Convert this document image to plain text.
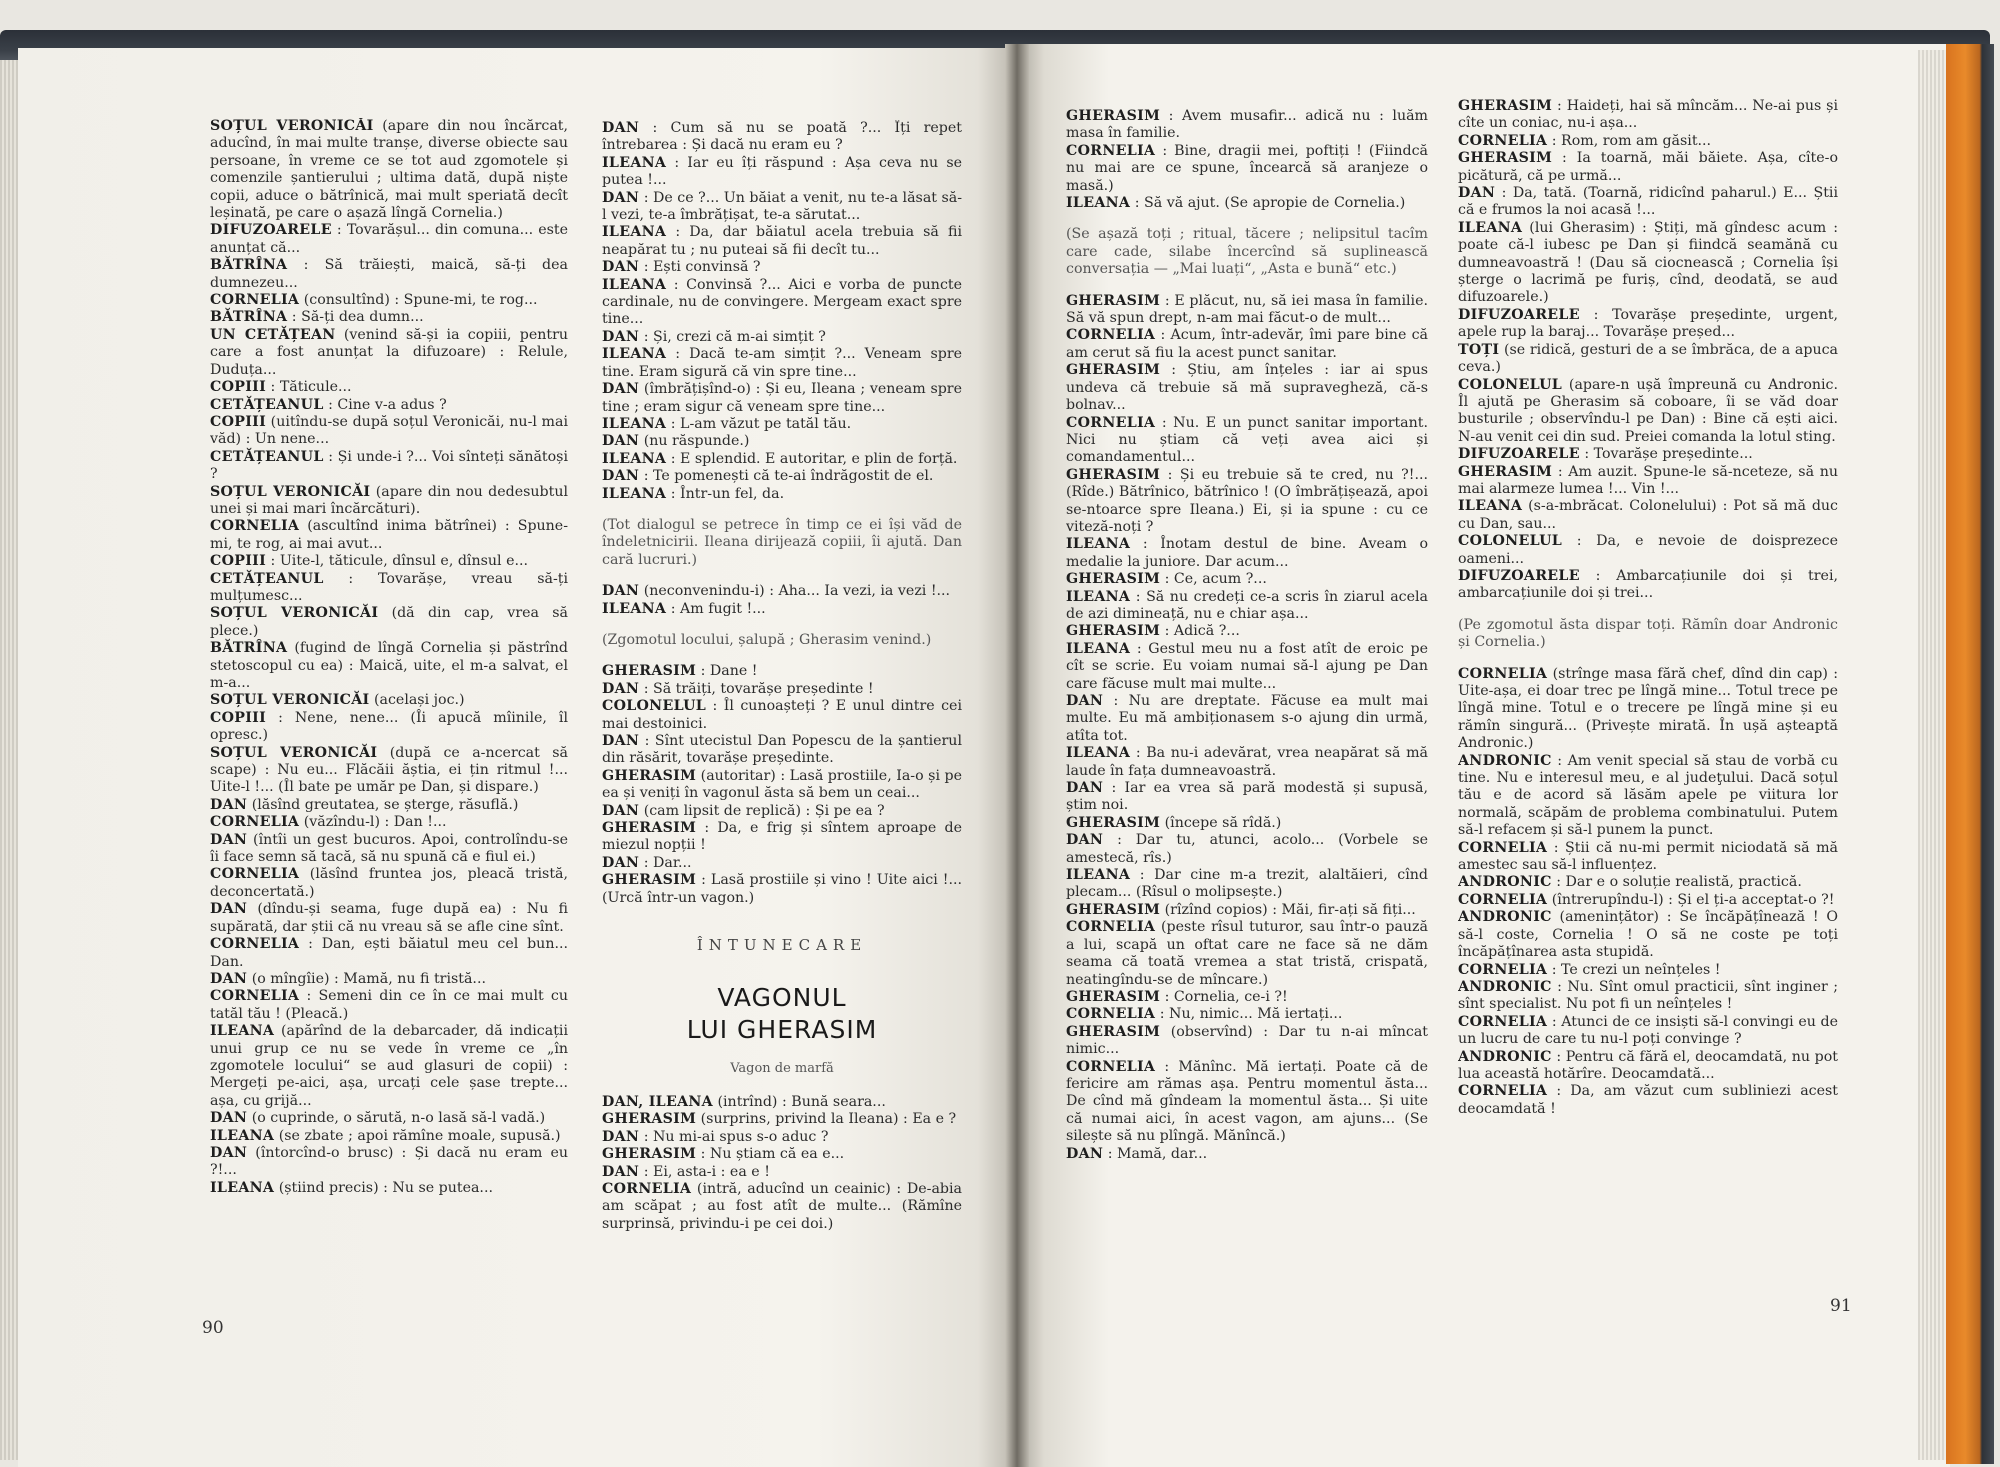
SOȚUL VERONICĂI (apare din nou încărcat, aducînd, în mai multe tranșe, diverse obiecte sau persoane, în vreme ce se tot aud zgomotele și comenzile șantierului ; ultima dată, după niște copii, aduce o bătrînică, mai mult speriată decît leșinată, pe care o așază lîngă Cornelia.)

DIFUZOARELE : Tovarășul... din comuna... este anunțat că...

BĂTRÎNA : Să trăiești, maică, să-ți dea dumnezeu...

CORNELIA (consultînd) : Spune-mi, te rog...

BĂTRÎNA : Să-ți dea dumn...

UN CETĂȚEAN (venind să-și ia copiii, pentru care a fost anunțat la difuzoare) : Relule, Duduța...

COPIII : Tăticule...

CETĂȚEANUL : Cine v-a adus ?

COPIII (uitîndu-se după soțul Veronicăi, nu-l mai văd) : Un nene...

CETĂȚEANUL : Și unde-i ?... Voi sînteți sănătoși ?

SOȚUL VERONICĂI (apare din nou dedesubtul unei și mai mari încărcături).

CORNELIA (ascultînd inima bătrînei) : Spune-mi, te rog, ai mai avut...

COPIII : Uite-l, tăticule, dînsul e, dînsul e...

CETĂȚEANUL : Tovarășe, vreau să-ți mulțumesc...

SOȚUL VERONICĂI (dă din cap, vrea să plece.)

BĂTRÎNA (fugind de lîngă Cornelia și păstrînd stetoscopul cu ea) : Maică, uite, el m-a salvat, el m-a...

SOȚUL VERONICĂI (același joc.)

COPIII : Nene, nene... (Îi apucă mîinile, îl opresc.)

SOȚUL VERONICĂI (după ce a-ncercat să scape) : Nu eu... Flăcăii ăștia, ei țin ritmul !... Uite-l !... (Îl bate pe umăr pe Dan, și dispare.)

DAN (lăsînd greutatea, se șterge, răsuflă.)

CORNELIA (văzîndu-l) : Dan !...

DAN (întîi un gest bucuros. Apoi, controlîndu-se îi face semn să tacă, să nu spună că e fiul ei.)

CORNELIA (lăsînd fruntea jos, pleacă tristă, deconcertată.)

DAN (dîndu-și seama, fuge după ea) : Nu fi supărată, dar știi că nu vreau să se afle cine sînt.

CORNELIA : Dan, ești băiatul meu cel bun... Dan.

DAN (o mîngîie) : Mamă, nu fi tristă...

CORNELIA : Semeni din ce în ce mai mult cu tatăl tău ! (Pleacă.)

ILEANA (apărînd de la debarcader, dă indicații unui grup ce nu se vede în vreme ce „în zgomotele locului“ se aud glasuri de copii) : Mergeți pe-aici, așa, urcați cele șase trepte... așa, cu grijă...

DAN (o cuprinde, o sărută, n-o lasă să-l vadă.)

ILEANA (se zbate ; apoi rămîne moale, supusă.)

DAN (întorcînd-o brusc) : Și dacă nu eram eu ?!...

ILEANA (știind precis) : Nu se putea...

DAN : Cum să nu se poată ?... Îți repet întrebarea : Și dacă nu eram eu ?

ILEANA : Iar eu îți răspund : Așa ceva nu se putea !...

DAN : De ce ?... Un băiat a venit, nu te-a lăsat să-l vezi, te-a îmbrățișat, te-a sărutat...

ILEANA : Da, dar băiatul acela trebuia să fii neapărat tu ; nu puteai să fii decît tu...

DAN : Ești convinsă ?

ILEANA : Convinsă ?... Aici e vorba de puncte cardinale, nu de convingere. Mergeam exact spre tine...

DAN : Și, crezi că m-ai simțit ?

ILEANA : Dacă te-am simțit ?... Veneam spre tine. Eram sigură că vin spre tine...

DAN (îmbrățișînd-o) : Și eu, Ileana ; veneam spre tine ; eram sigur că veneam spre tine...

ILEANA : L-am văzut pe tatăl tău.

DAN (nu răspunde.)

ILEANA : E splendid. E autoritar, e plin de forță.

DAN : Te pomenești că te-ai îndrăgostit de el.

ILEANA : Într-un fel, da.

(Tot dialogul se petrece în timp ce ei își văd de îndeletnicirii. Ileana dirijează copiii, îi ajută. Dan cară lucruri.)

DAN (neconvenindu-i) : Aha... Ia vezi, ia vezi !...

ILEANA : Am fugit !...

(Zgomotul locului, șalupă ; Gherasim venind.)

GHERASIM : Dane !

DAN : Să trăiți, tovarășe președinte !

COLONELUL : Îl cunoașteți ? E unul dintre cei mai destoinici.

DAN : Sînt utecistul Dan Popescu de la șantierul din răsărit, tovarășe președinte.

GHERASIM (autoritar) : Lasă prostiile, Ia-o și pe ea și veniți în vagonul ăsta să bem un ceai...

DAN (cam lipsit de replică) : Și pe ea ?

GHERASIM : Da, e frig și sîntem aproape de miezul nopții !

DAN : Dar...

GHERASIM : Lasă prostiile și vino ! Uite aici !... (Urcă într-un vagon.)

ÎNTUNECARE
VAGONUL
LUI GHERASIM
Vagon de marfă

DAN, ILEANA (intrînd) : Bună seara...

GHERASIM (surprins, privind la Ileana) : Ea e ?

DAN : Nu mi-ai spus s-o aduc ?

GHERASIM : Nu știam că ea e...

DAN : Ei, asta-i : ea e !

CORNELIA (intră, aducînd un ceainic) : De-abia am scăpat ; au fost atît de multe... (Rămîne surprinsă, privindu-i pe cei doi.)

90

GHERASIM : Avem musafir... adică nu : luăm masa în familie.

CORNELIA : Bine, dragii mei, poftiți ! (Fiindcă nu mai are ce spune, încearcă să aranjeze o masă.)

ILEANA : Să vă ajut. (Se apropie de Cornelia.)

(Se așază toți ; ritual, tăcere ; nelipsitul tacîm care cade, silabe încercînd să suplinească conversația — „Mai luați“, „Asta e bună“ etc.)

GHERASIM : E plăcut, nu, să iei masa în familie. Să vă spun drept, n-am mai făcut-o de mult...

CORNELIA : Acum, într-adevăr, îmi pare bine că am cerut să fiu la acest punct sanitar.

GHERASIM : Știu, am înțeles : iar ai spus undeva că trebuie să mă supravegheză, că-s bolnav...

CORNELIA : Nu. E un punct sanitar important. Nici nu știam că veți avea aici și comandamentul...

GHERASIM : Și eu trebuie să te cred, nu ?!... (Rîde.) Bătrînico, bătrînico ! (O îmbrățișează, apoi se-ntoarce spre Ileana.) Ei, și ia spune : cu ce viteză-noți ?

ILEANA : Înotam destul de bine. Aveam o medalie la juniore. Dar acum...

GHERASIM : Ce, acum ?...

ILEANA : Să nu credeți ce-a scris în ziarul acela de azi dimineață, nu e chiar așa...

GHERASIM : Adică ?...

ILEANA : Gestul meu nu a fost atît de eroic pe cît se scrie. Eu voiam numai să-l ajung pe Dan care făcuse mult mai multe...

DAN : Nu are dreptate. Făcuse ea mult mai multe. Eu mă ambiționasem s-o ajung din urmă, atîta tot.

ILEANA : Ba nu-i adevărat, vrea neapărat să mă laude în fața dumneavoastră.

DAN : Iar ea vrea să pară modestă și supusă, știm noi.

GHERASIM (începe să rîdă.)

DAN : Dar tu, atunci, acolo... (Vorbele se amestecă, rîs.)

ILEANA : Dar cine m-a trezit, alaltăieri, cînd plecam... (Rîsul o molipsește.)

GHERASIM (rîzînd copios) : Măi, fir-ați să fiți...

CORNELIA (peste rîsul tuturor, sau într-o pauză a lui, scapă un oftat care ne face să ne dăm seama că toată vremea a stat tristă, crispată, neatingîndu-se de mîncare.)

GHERASIM : Cornelia, ce-i ?!

CORNELIA : Nu, nimic... Mă iertați...

GHERASIM (observînd) : Dar tu n-ai mîncat nimic...

CORNELIA : Mănînc. Mă iertați. Poate că de fericire am rămas așa. Pentru momentul ăsta... De cînd mă gîndeam la momentul ăsta... Și uite că numai aici, în acest vagon, am ajuns... (Se silește să nu plîngă. Mănîncă.)

DAN : Mamă, dar...

GHERASIM : Haideți, hai să mîncăm... Ne-ai pus și cîte un coniac, nu-i așa...

CORNELIA : Rom, rom am găsit...

GHERASIM : Ia toarnă, măi băiete. Așa, cîte-o picătură, că pe urmă...

DAN : Da, tată. (Toarnă, ridicînd paharul.) E... Știi că e frumos la noi acasă !...

ILEANA (lui Gherasim) : Știți, mă gîndesc acum : poate că-l iubesc pe Dan și fiindcă seamănă cu dumneavoastră ! (Dau să ciocnească ; Cornelia își șterge o lacrimă pe furiș, cînd, deodată, se aud difuzoarele.)

DIFUZOARELE : Tovarășe președinte, urgent, apele rup la baraj... Tovarășe președ...

TOȚI (se ridică, gesturi de a se îmbrăca, de a apuca ceva.)

COLONELUL (apare-n ușă împreună cu Andronic. Îl ajută pe Gherasim să coboare, îi se văd doar busturile ; observîndu-l pe Dan) : Bine că ești aici. N-au venit cei din sud. Preiei comanda la lotul sting.

DIFUZOARELE : Tovarășe președinte...

GHERASIM : Am auzit. Spune-le să-nceteze, să nu mai alarmeze lumea !... Vin !...

ILEANA (s-a-mbrăcat. Colonelului) : Pot să mă duc cu Dan, sau...

COLONELUL : Da, e nevoie de doisprezece oameni...

DIFUZOARELE : Ambarcațiunile doi și trei, ambarcațiunile doi și trei...

(Pe zgomotul ăsta dispar toți. Rămîn doar Andronic și Cornelia.)

CORNELIA (strînge masa fără chef, dînd din cap) : Uite-așa, ei doar trec pe lîngă mine... Totul trece pe lîngă mine. Totul e o trecere pe lîngă mine și eu rămîn singură... (Privește mirată. În ușă așteaptă Andronic.)

ANDRONIC : Am venit special să stau de vorbă cu tine. Nu e interesul meu, e al judeţului. Dacă soțul tău e de acord să lăsăm apele pe viitura lor normală, scăpăm de problema combinatului. Putem să-l refacem și să-l punem la punct.

CORNELIA : Știi că nu-mi permit niciodată să mă amestec sau să-l influențez.

ANDRONIC : Dar e o soluție realistă, practică.

CORNELIA (întrerupîndu-l) : Și el ți-a acceptat-o ?!

ANDRONIC (amenințător) : Se încăpățînează ! O să-l coste, Cornelia ! O să ne coste pe toți încăpățînarea asta stupidă.

CORNELIA : Te crezi un neînțeles !

ANDRONIC : Nu. Sînt omul practicii, sînt inginer ; sînt specialist. Nu pot fi un neînțeles !

CORNELIA : Atunci de ce insiști să-l convingi eu de un lucru de care tu nu-l poți convinge ?

ANDRONIC : Pentru că fără el, deocamdată, nu pot lua această hotărîre. Deocamdată...

CORNELIA : Da, am văzut cum subliniezi acest deocamdată !

91
